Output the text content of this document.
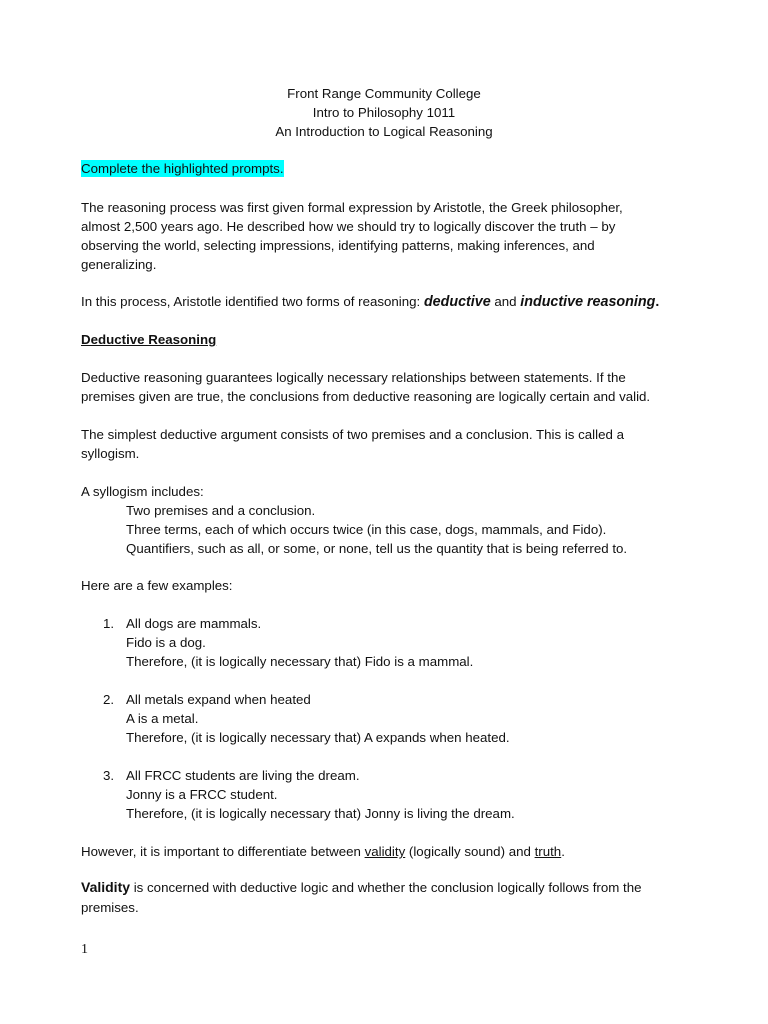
Front Range Community College
Intro to Philosophy 1011
An Introduction to Logical Reasoning
Complete the highlighted prompts.
The reasoning process was first given formal expression by Aristotle, the Greek philosopher,
almost 2,500 years ago. He described how we should try to logically discover the truth – by
observing the world, selecting impressions, identifying patterns, making inferences, and
generalizing.
In this process, Aristotle identified two forms of reasoning: deductive and inductive reasoning.
Deductive Reasoning
Deductive reasoning guarantees logically necessary relationships between statements. If the
premises given are true, the conclusions from deductive reasoning are logically certain and valid.
The simplest deductive argument consists of two premises and a conclusion. This is called a
syllogism.
A syllogism includes:
Two premises and a conclusion.
Three terms, each of which occurs twice (in this case, dogs, mammals, and Fido).
Quantifiers, such as all, or some, or none, tell us the quantity that is being referred to.
Here are a few examples:
1. All dogs are mammals.
Fido is a dog.
Therefore, (it is logically necessary that) Fido is a mammal.
2. All metals expand when heated
A is a metal.
Therefore, (it is logically necessary that) A expands when heated.
3. All FRCC students are living the dream.
Jonny is a FRCC student.
Therefore, (it is logically necessary that) Jonny is living the dream.
However, it is important to differentiate between validity (logically sound) and truth.
Validity is concerned with deductive logic and whether the conclusion logically follows from the
premises.
1
